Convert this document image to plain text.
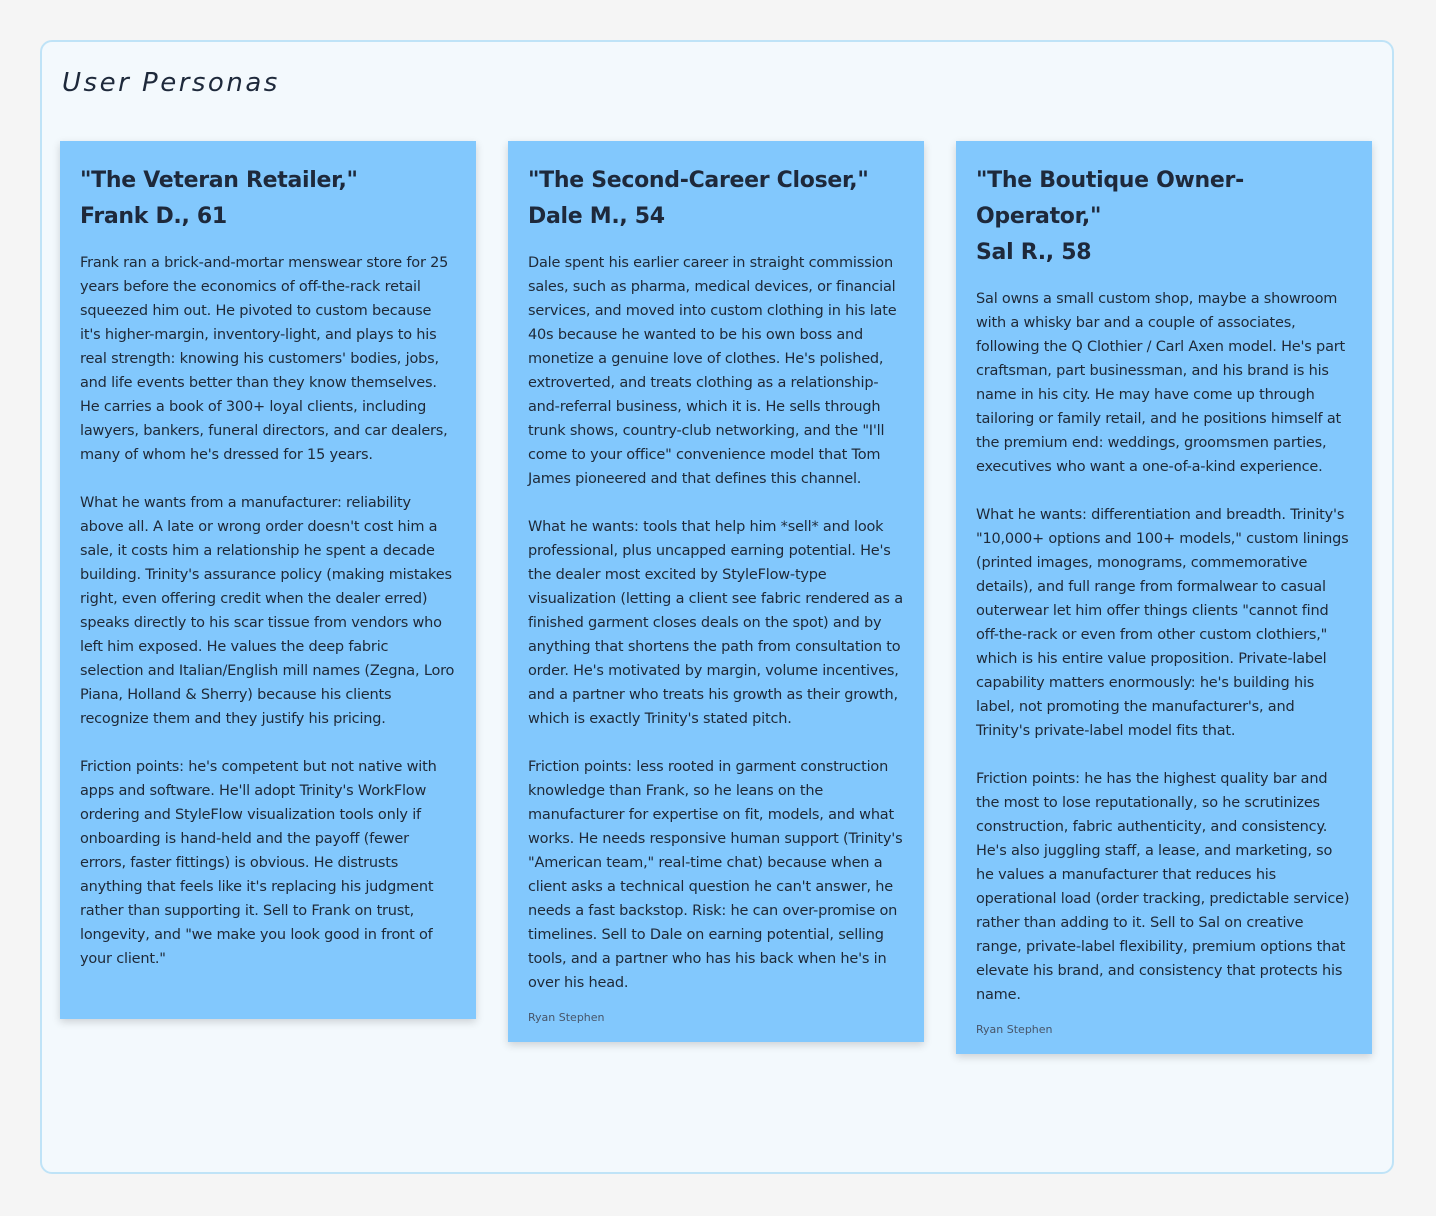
User Personas
"The Veteran Retailer,"
Frank D., 61

Frank ran a brick-and-mortar menswear store for 25 years before the economics of off-the-rack retail squeezed him out. He pivoted to custom because it's higher-margin, inventory-light, and plays to his real strength: knowing his customers' bodies, jobs, and life events better than they know themselves. He carries a book of 300+ loyal clients, including lawyers, bankers, funeral directors, and car dealers, many of whom he's dressed for 15 years.

What he wants from a manufacturer: reliability above all. A late or wrong order doesn't cost him a sale, it costs him a relationship he spent a decade building. Trinity's assurance policy (making mistakes right, even offering credit when the dealer erred) speaks directly to his scar tissue from vendors who left him exposed. He values the deep fabric selection and Italian/English mill names (Zegna, Loro Piana, Holland & Sherry) because his clients recognize them and they justify his pricing.

Friction points: he's competent but not native with apps and software. He'll adopt Trinity's WorkFlow ordering and StyleFlow visualization tools only if onboarding is hand-held and the payoff (fewer errors, faster fittings) is obvious. He distrusts anything that feels like it's replacing his judgment rather than supporting it. Sell to Frank on trust, longevity, and "we make you look good in front of your client."

"The Second-Career Closer,"
Dale M., 54

Dale spent his earlier career in straight commission sales, such as pharma, medical devices, or financial services, and moved into custom clothing in his late 40s because he wanted to be his own boss and monetize a genuine love of clothes. He's polished, extroverted, and treats clothing as a relationship-and-referral business, which it is. He sells through trunk shows, country-club networking, and the "I'll come to your office" convenience model that Tom James pioneered and that defines this channel.

What he wants: tools that help him *sell* and look professional, plus uncapped earning potential. He's the dealer most excited by StyleFlow-type visualization (letting a client see fabric rendered as a finished garment closes deals on the spot) and by anything that shortens the path from consultation to order. He's motivated by margin, volume incentives, and a partner who treats his growth as their growth, which is exactly Trinity's stated pitch.

Friction points: less rooted in garment construction knowledge than Frank, so he leans on the manufacturer for expertise on fit, models, and what works. He needs responsive human support (Trinity's "American team," real-time chat) because when a client asks a technical question he can't answer, he needs a fast backstop. Risk: he can over-promise on timelines. Sell to Dale on earning potential, selling tools, and a partner who has his back when he's in over his head.

Ryan Stephen
"The Boutique Owner-Operator,"
Sal R., 58

Sal owns a small custom shop, maybe a showroom with a whisky bar and a couple of associates, following the Q Clothier / Carl Axen model. He's part craftsman, part businessman, and his brand is his name in his city. He may have come up through tailoring or family retail, and he positions himself at the premium end: weddings, groomsmen parties, executives who want a one-of-a-kind experience.

What he wants: differentiation and breadth. Trinity's "10,000+ options and 100+ models," custom linings (printed images, monograms, commemorative details), and full range from formalwear to casual outerwear let him offer things clients "cannot find off-the-rack or even from other custom clothiers," which is his entire value proposition. Private-label capability matters enormously: he's building his label, not promoting the manufacturer's, and Trinity's private-label model fits that.

Friction points: he has the highest quality bar and the most to lose reputationally, so he scrutinizes construction, fabric authenticity, and consistency. He's also juggling staff, a lease, and marketing, so he values a manufacturer that reduces his operational load (order tracking, predictable service) rather than adding to it. Sell to Sal on creative range, private-label flexibility, premium options that elevate his brand, and consistency that protects his name.

Ryan Stephen
